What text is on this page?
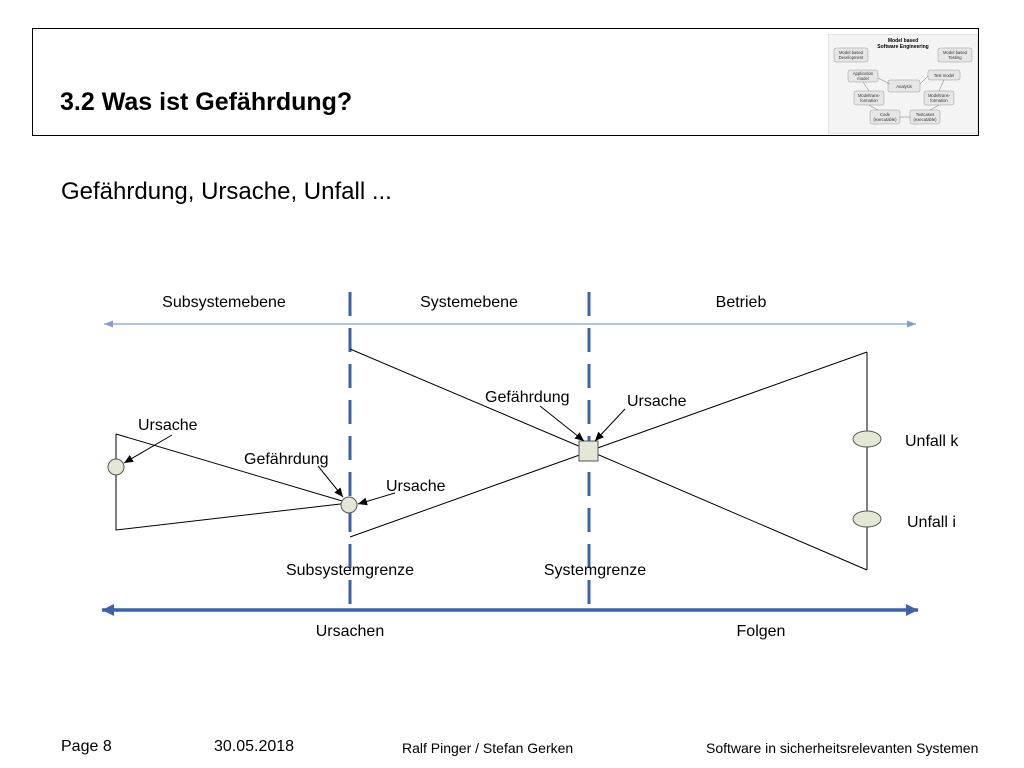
3.2 Was ist Gefährdung?
Model based
Software Engineering
Model based
Development
Model based
Testing
Application
model
Test model
Analysis
Modeltrans-
formation
Modeltrans-
formation
Code
(executable)
Testcases
(executable)
Gefährdung, Ursache, Unfall ...
Subsystemebene	Systemebene	Betrieb
Ursache
Gefährdung
Ursache
Gefährdung	Ursache
Unfall k
Unfall i
Subsystemgrenze	Systemgrenze
Ursachen	Folgen
Page 8	30.05.2018	Ralf Pinger / Stefan Gerken	Software in sicherheitsrelevanten Systemen
